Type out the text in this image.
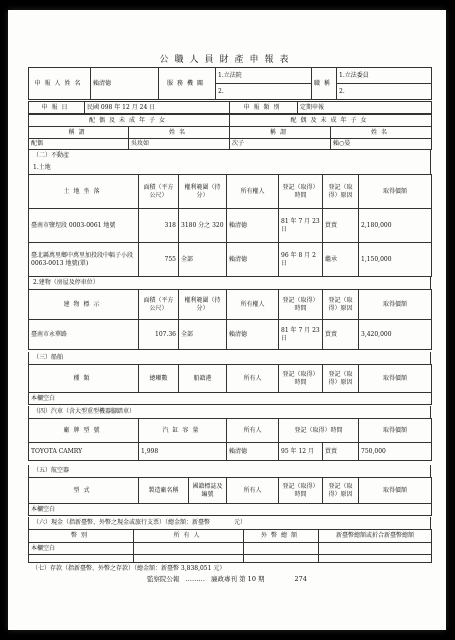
公職人員財產申報表
申報人姓名	賴清德	服務機關	1.立法院	職稱	1.立法委員
			2.		2.
申報日	民國 098 年 12 月 24 日	申報類別	定期申報
配偶及未成年子女		配偶及未成年子女	
稱謂	姓名	稱謂	姓名
配偶	吳玫如	次子	賴○晏
（二）不動產
1.土地
土地坐落	面積（平方公尺）	權利範圍（持分）	所有權人	登記（取得）時間	登記（取得）原因	取得價額
臺南市鹽埕段 0003-0061 地號	318	3180 分之 320	賴清德	81 年 7 月 23 日	買賣	2,180,000
臺北縣萬里鄉中萬里加投段中幅子小段 0063-0013 地號(單)	755	全部	賴清德	96 年 8 月 2 日	繼承	1,150,000
2.建物（房屋及停車位）
建物標示	面積（平方公尺）	權利範圍（持分）	所有權人	登記（取得）時間	登記（取得）原因	取得價額
臺南市永華路	107.36	全部	賴清德	81 年 7 月 23 日	買賣	3,420,000
（三）船舶
種類	總噸數	船籍港	所有人	登記（取得）時間	登記（取得）原因	取得價額
本欄空白
（四）汽車（含大型重型機器腳踏車）
廠牌型號	汽缸容量	所有人	登記（取得）時間		取得價額
TOYOTA CAMRY	1,998	賴清德	95 年 12 月	買賣	750,000
（五）航空器
型式	製造廠名稱	國籍標誌及編號	所有人	登記（取得）時間	登記（取得）原因	取得價額
本欄空白
（六）現金（指新臺幣、外幣之現金或旅行支票）（總金額：新臺幣　　　　元）
幣別	所有人	外幣總額	新臺幣總額或折合新臺幣總額
本欄空白			

（七）存款（指新臺幣、外幣之存款）（總金額：新臺幣 3,838,051 元）
監察院公報 ……… 廉政專刊 第 10 期	274
